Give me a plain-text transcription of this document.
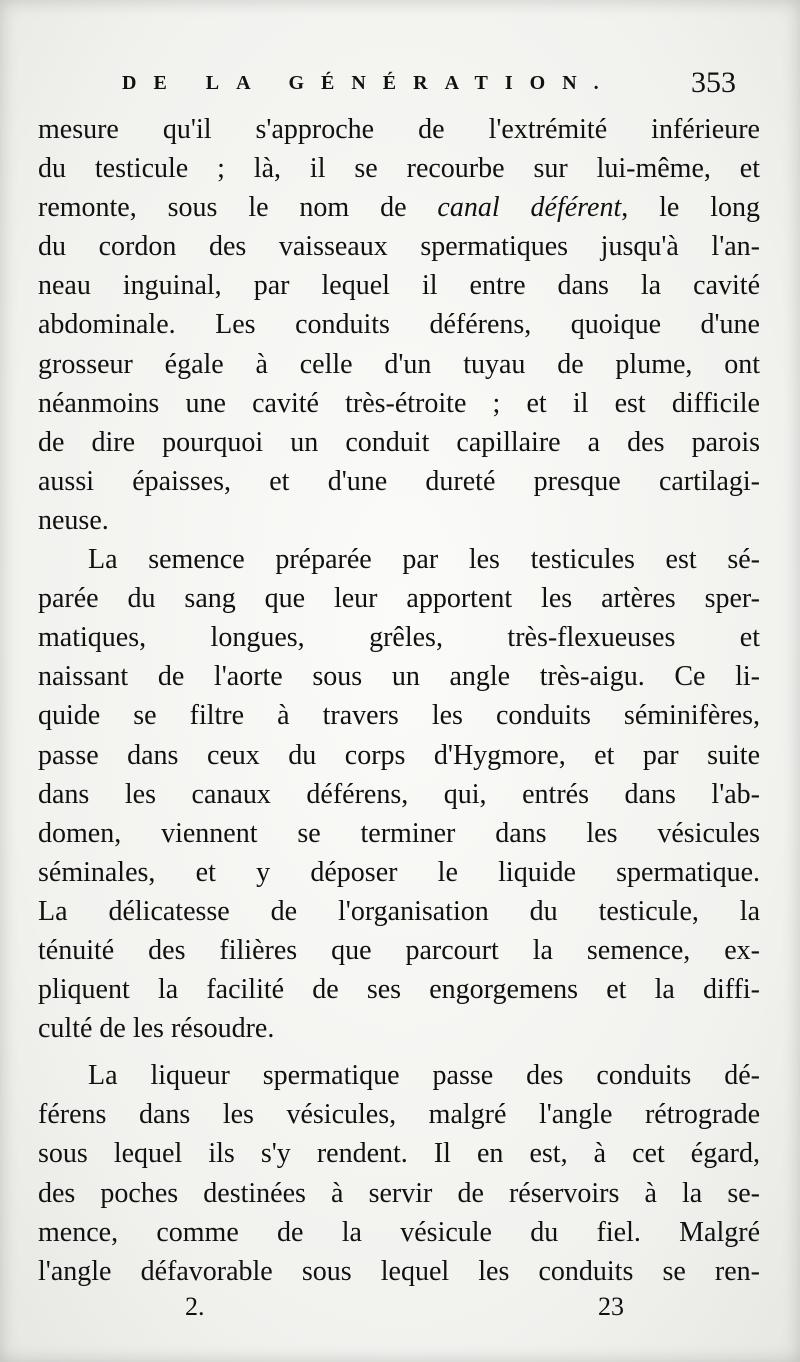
DE LA GÉNÉRATION.	353
mesure qu'il s'approche de l'extrémité inférieure
du testicule ; là, il se recourbe sur lui-même, et
remonte, sous le nom de canal déférent, le long
du cordon des vaisseaux spermatiques jusqu'à l'an-
neau inguinal, par lequel il entre dans la cavité
abdominale. Les conduits déférens, quoique d'une
grosseur égale à celle d'un tuyau de plume, ont
néanmoins une cavité très-étroite ; et il est difficile
de dire pourquoi un conduit capillaire a des parois
aussi épaisses, et d'une dureté presque cartilagi-
neuse.
La semence préparée par les testicules est sé-
parée du sang que leur apportent les artères sper-
matiques, longues, grêles, très-flexueuses et
naissant de l'aorte sous un angle très-aigu. Ce li-
quide se filtre à travers les conduits séminifères,
passe dans ceux du corps d'Hygmore, et par suite
dans les canaux déférens, qui, entrés dans l'ab-
domen, viennent se terminer dans les vésicules
séminales, et y déposer le liquide spermatique.
La délicatesse de l'organisation du testicule, la
ténuité des filières que parcourt la semence, ex-
pliquent la facilité de ses engorgemens et la diffi-
culté de les résoudre.
La liqueur spermatique passe des conduits dé-
férens dans les vésicules, malgré l'angle rétrograde
sous lequel ils s'y rendent. Il en est, à cet égard,
des poches destinées à servir de réservoirs à la se-
mence, comme de la vésicule du fiel. Malgré
l'angle défavorable sous lequel les conduits se ren-
2.	23
